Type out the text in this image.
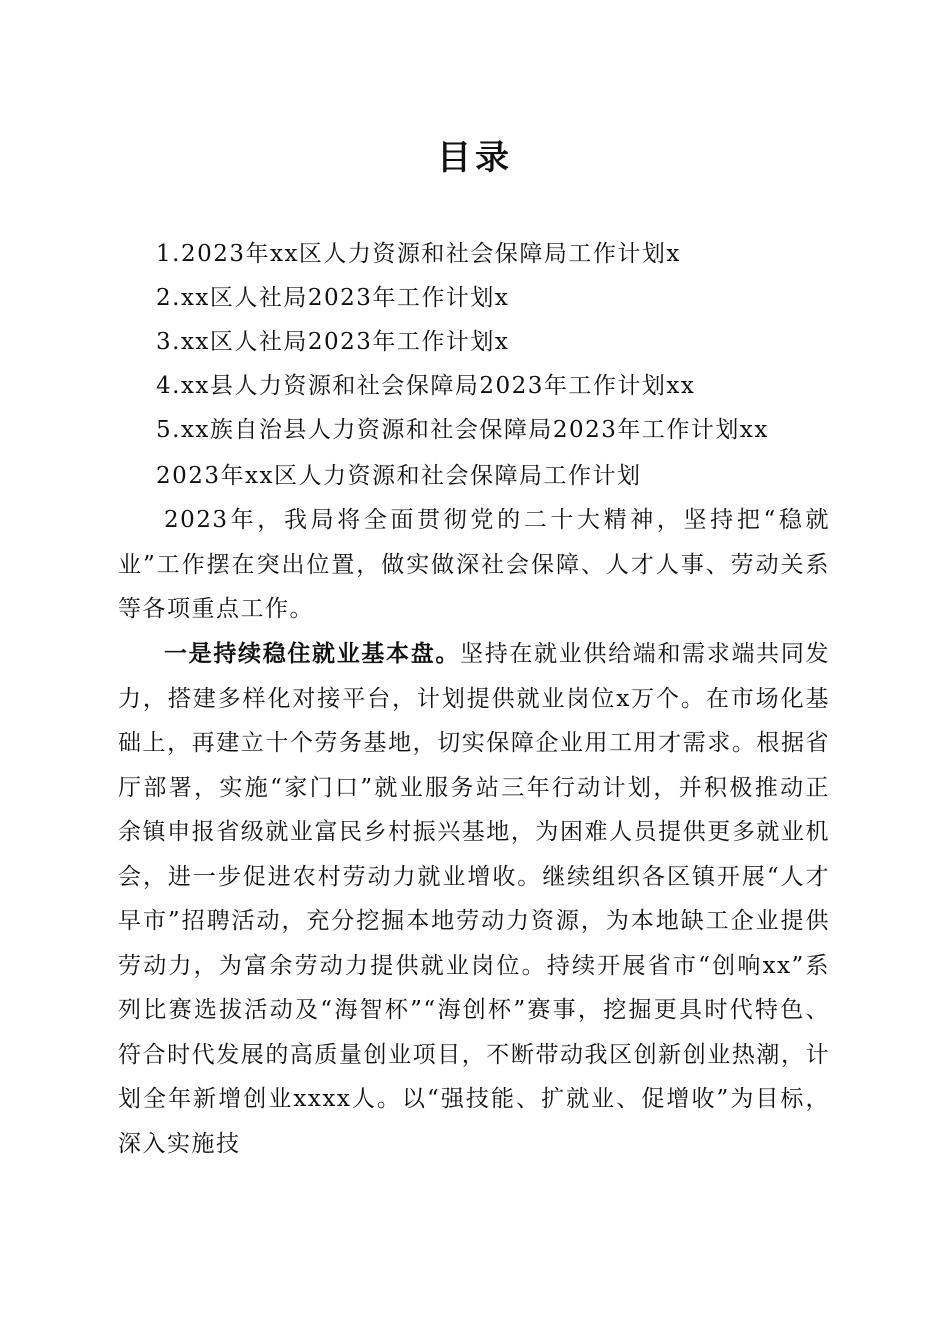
目录
1.2023年xx区人力资源和社会保障局工作计划x
2.xx区人社局2023年工作计划x
3.xx区人社局2023年工作计划x
4.xx县人力资源和社会保障局2023年工作计划xx
5.xx族自治县人力资源和社会保障局2023年工作计划xx
2023年xx区人力资源和社会保障局工作计划

2023年，我局将全面贯彻党的二十大精神，坚持把“稳就业”工作摆在突出位置，做实做深社会保障、人才人事、劳动关系等各项重点工作。

一是持续稳住就业基本盘。坚持在就业供给端和需求端共同发力，搭建多样化对接平台，计划提供就业岗位x万个。在市场化基础上，再建立十个劳务基地，切实保障企业用工用才需求。根据省厅部署，实施“家门口”就业服务站三年行动计划，并积极推动正余镇申报省级就业富民乡村振兴基地，为困难人员提供更多就业机会，进一步促进农村劳动力就业增收。继续组织各区镇开展“人才早市”招聘活动，充分挖掘本地劳动力资源，为本地缺工企业提供劳动力，为富余劳动力提供就业岗位。持续开展省市“创响xx”系列比赛选拔活动及“海智杯”“海创杯”赛事，挖掘更具时代特色、符合时代发展的高质量创业项目，不断带动我区创新创业热潮，计划全年新增创业xxxx人。以“强技能、扩就业、促增收”为目标，深入实施技
